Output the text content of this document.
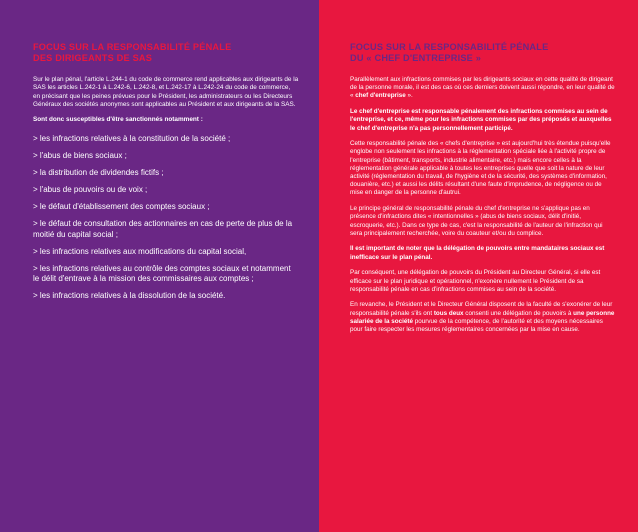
FOCUS SUR LA RESPONSABILITÉ PÉNALE
DES DIRIGEANTS DE SAS

Sur le plan pénal, l'article L.244-1 du code de commerce rend applicables aux dirigeants de la SAS les articles L.242-1 à L.242-6, L.242-8, et L.242-17 à L.242-24 du code de commerce, en précisant que les peines prévues pour le Président, les administrateurs ou les Directeurs Généraux des sociétés anonymes sont applicables au Président et aux dirigeants de la SAS.

Sont donc susceptibles d'être sanctionnés notamment :

> les infractions relatives à la constitution de la société ;
> l'abus de biens sociaux ;
> la distribution de dividendes fictifs ;
> l'abus de pouvoirs ou de voix ;
> le défaut d'établissement des comptes sociaux ;
> le défaut de consultation des actionnaires en cas de perte de plus de la moitié du capital social ;
> les infractions relatives aux modifications du capital social,
> les infractions relatives au contrôle des comptes sociaux et notamment le délit d'entrave à la mission des commissaires aux comptes ;
> les infractions relatives à la dissolution de la société.
FOCUS SUR LA RESPONSABILITÉ PÉNALE
DU « CHEF D'ENTREPRISE »

Parallèlement aux infractions commises par les dirigeants sociaux en cette qualité de dirigeant de la personne morale, il est des cas où ces derniers doivent aussi répondre, en leur qualité de « chef d'entreprise ».

Le chef d'entreprise est responsable pénalement des infractions commises au sein de l'entreprise, et ce, même pour les infractions commises par des préposés et auxquelles le chef d'entreprise n'a pas personnellement participé.

Cette responsabilité pénale des « chefs d'entreprise » est aujourd'hui très étendue puisqu'elle englobe non seulement les infractions à la réglementation spéciale liée à l'activité propre de l'entreprise (bâtiment, transports, industrie alimentaire, etc.) mais encore celles à la réglementation générale applicable à toutes les entreprises quelle que soit la nature de leur activité (réglementation du travail, de l'hygiène et de la sécurité, des systèmes d'information, douanière, etc.) et aussi les délits résultant d'une faute d'imprudence, de négligence ou de mise en danger de la personne d'autrui.

Le principe général de responsabilité pénale du chef d'entreprise ne s'applique pas en présence d'infractions dites « intentionnelles » (abus de biens sociaux, délit d'initié, escroquerie, etc.). Dans ce type de cas, c'est la responsabilité de l'auteur de l'infraction qui sera principalement recherchée, voire du coauteur et/ou du complice.

Il est important de noter que la délégation de pouvoirs entre mandataires sociaux est inefficace sur le plan pénal.

Par conséquent, une délégation de pouvoirs du Président au Directeur Général, si elle est efficace sur le plan juridique et opérationnel, n'exonère nullement le Président de sa responsabilité pénale en cas d'infractions commises au sein de la société.

En revanche, le Président et le Directeur Général disposent de la faculté de s'exonérer de leur responsabilité pénale s'ils ont tous deux consenti une délégation de pouvoirs à une personne salariée de la société pourvue de la compétence, de l'autorité et des moyens nécessaires pour faire respecter les mesures réglementaires concernées par la mise en cause.
